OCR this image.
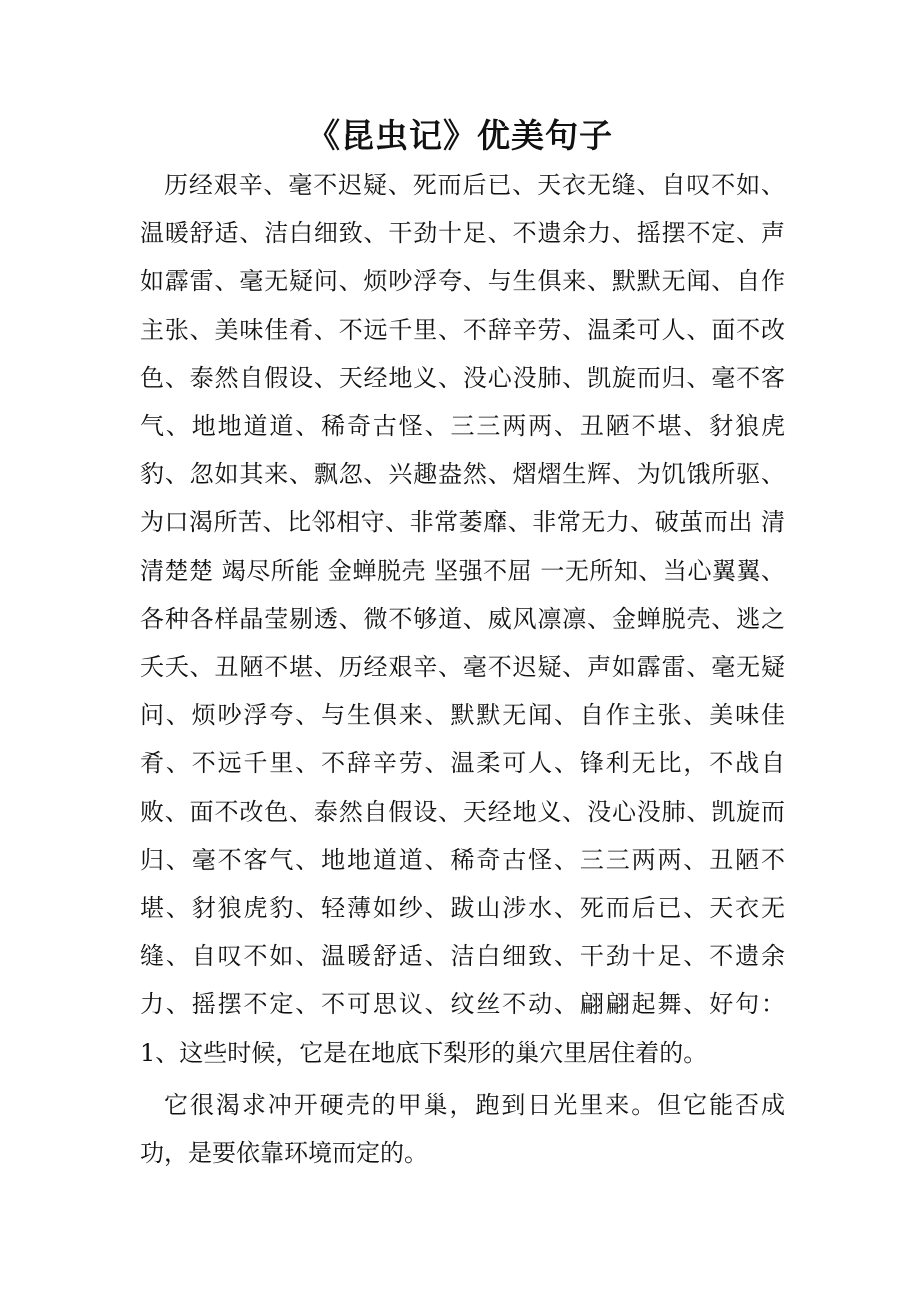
《昆虫记》优美句子

历经艰辛、毫不迟疑、死而后已、天衣无缝、自叹不如、温暖舒适、洁白细致、干劲十足、不遗余力、摇摆不定、声如霹雷、毫无疑问、烦吵浮夸、与生俱来、默默无闻、自作主张、美味佳肴、不远千里、不辞辛劳、温柔可人、面不改色、泰然自假设、天经地义、没心没肺、凯旋而归、毫不客气、地地道道、稀奇古怪、三三两两、丑陋不堪、豺狼虎豹、忽如其来、飘忽、兴趣盎然、熠熠生辉、为饥饿所驱、为口渴所苦、比邻相守、非常萎靡、非常无力、破茧而出 清清楚楚 竭尽所能 金蝉脱壳 坚强不屈 一无所知、当心翼翼、各种各样晶莹剔透、微不够道、威风凛凛、金蝉脱壳、逃之夭夭、丑陋不堪、历经艰辛、毫不迟疑、声如霹雷、毫无疑问、烦吵浮夸、与生俱来、默默无闻、自作主张、美味佳肴、不远千里、不辞辛劳、温柔可人、锋利无比，不战自败、面不改色、泰然自假设、天经地义、没心没肺、凯旋而归、毫不客气、地地道道、稀奇古怪、三三两两、丑陋不堪、豺狼虎豹、轻薄如纱、跋山涉水、死而后已、天衣无缝、自叹不如、温暖舒适、洁白细致、干劲十足、不遗余力、摇摆不定、不可思议、纹丝不动、翩翩起舞、好句： 1、这些时候，它是在地底下梨形的巢穴里居住着的。

它很渴求冲开硬壳的甲巢，跑到日光里来。但它能否成功，是要依靠环境而定的。
